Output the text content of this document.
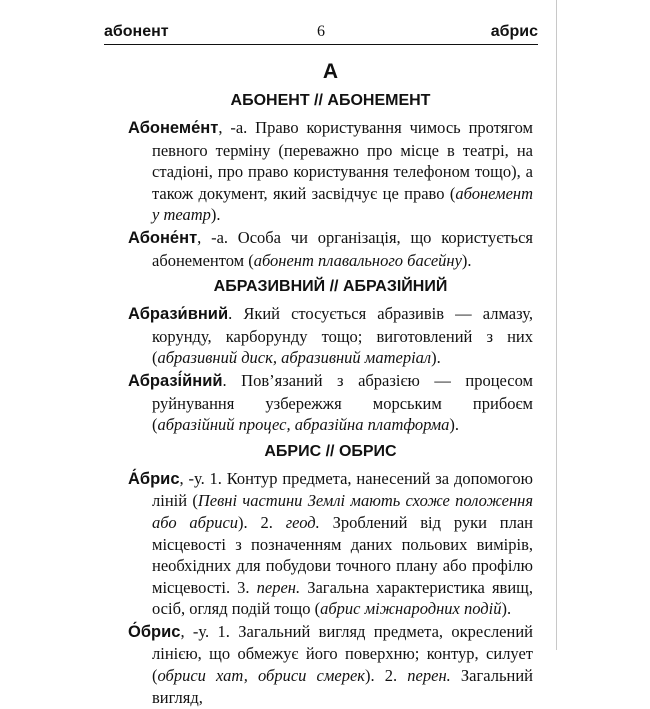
абонент	6	абрис
А
АБОНЕНТ // АБОНЕМЕНТ

Абонеме́нт, -а. Право користування чимось протягом певного терміну (переважно про місце в театрі, на стадіоні, про право користування телефоном тощо), а також документ, який засвідчує це право (абонемент у театр).

Абоне́нт, -а. Особа чи організація, що користується абонементом (абонент плавального басейну).

АБРАЗИВНИЙ // АБРАЗІЙНИЙ

Абрази́вний. Який стосується абразивів — алмазу, корунду, карборунду тощо; виготовлений з них (абразивний диск, абразивний матеріал).

Абразі́йний. Пов’язаний з абразією — процесом руйнування узбережжя морським прибоєм (абразійний процес, абразійна платформа).

АБРИС // ОБРИС

А́брис, -у. 1. Контур предмета, нанесений за допомогою ліній (Певні частини Землі мають схоже положення або абриси). 2. геод. Зроблений від руки план місцевості з позначенням даних польових вимірів, необхідних для побудови точного плану або профілю місцевості. 3. перен. Загальна характеристика явищ, осіб, огляд подій тощо (абрис міжнародних подій).

О́брис, -у. 1. Загальний вигляд предмета, окреслений лінією, що обмежує його поверхню; контур, силует (обриси хат, обриси смерек). 2. перен. Загальний вигляд,
